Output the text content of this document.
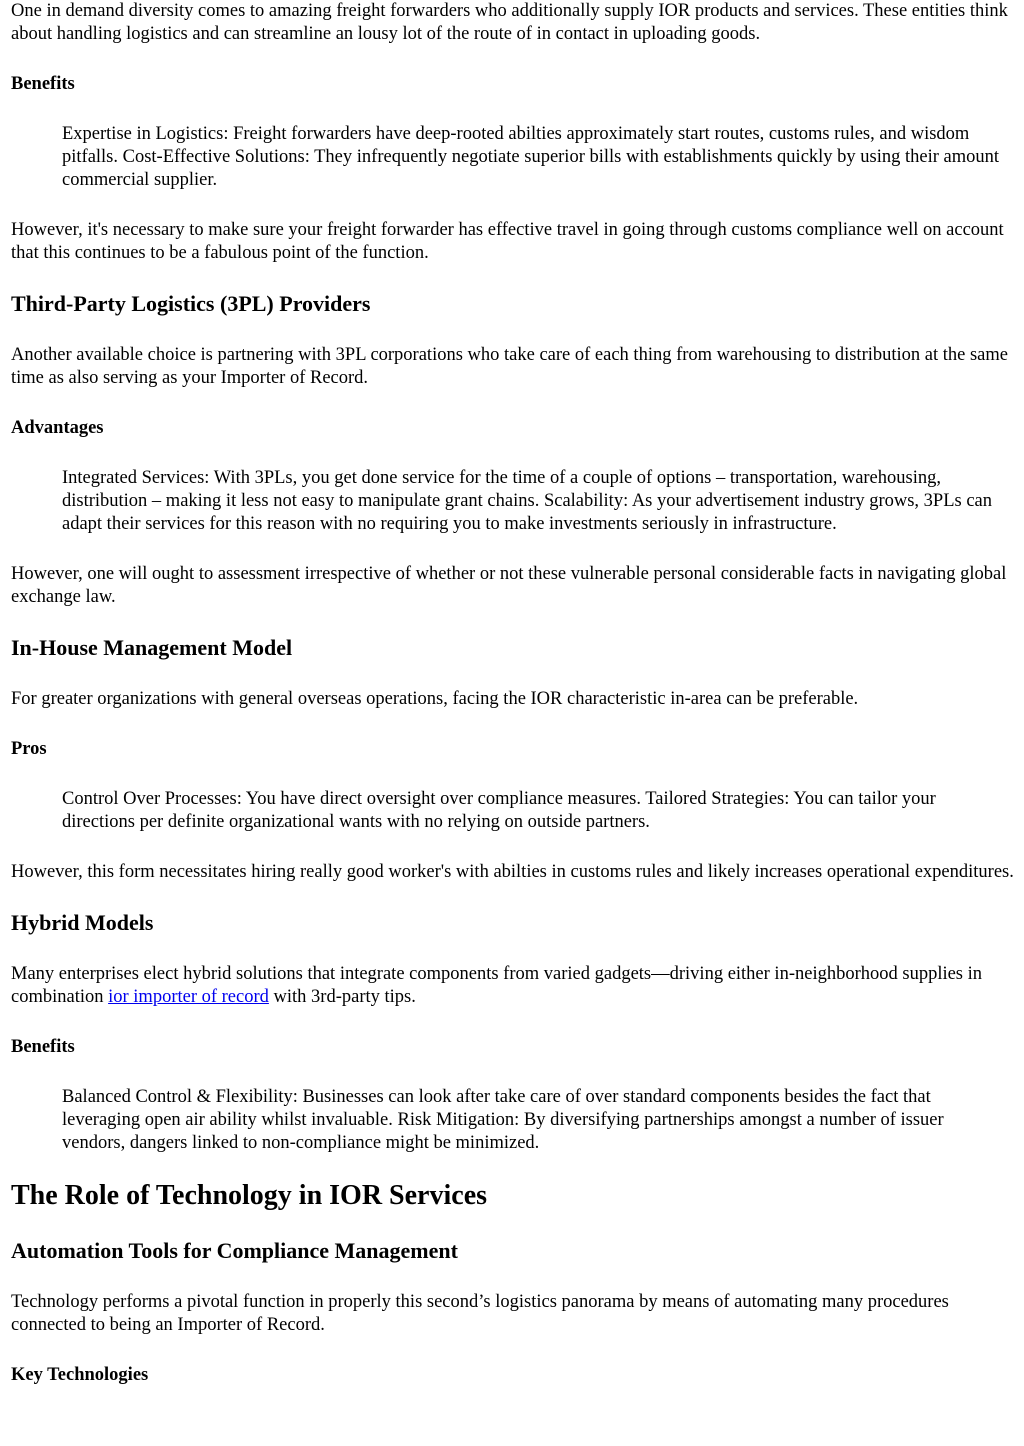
One in demand diversity comes to amazing freight forwarders who additionally supply IOR products and services. These entities think about handling logistics and can streamline an lousy lot of the route of in contact in uploading goods.

Benefits
Expertise in Logistics: Freight forwarders have deep-rooted abilties approximately start routes, customs rules, and wisdom pitfalls. Cost-Effective Solutions: They infrequently negotiate superior bills with establishments quickly by using their amount commercial supplier.

However, it's necessary to make sure your freight forwarder has effective travel in going through customs compliance well on account that this continues to be a fabulous point of the function.

Third-Party Logistics (3PL) Providers

Another available choice is partnering with 3PL corporations who take care of each thing from warehousing to distribution at the same time as also serving as your Importer of Record.

Advantages
Integrated Services: With 3PLs, you get done service for the time of a couple of options – transportation, warehousing, distribution – making it less not easy to manipulate grant chains. Scalability: As your advertisement industry grows, 3PLs can adapt their services for this reason with no requiring you to make investments seriously in infrastructure.

However, one will ought to assessment irrespective of whether or not these vulnerable personal considerable facts in navigating global exchange law.

In-House Management Model

For greater organizations with general overseas operations, facing the IOR characteristic in-area can be preferable.

Pros
Control Over Processes: You have direct oversight over compliance measures. Tailored Strategies: You can tailor your directions per definite organizational wants with no relying on outside partners.

However, this form necessitates hiring really good worker's with abilties in customs rules and likely increases operational expenditures.

Hybrid Models

Many enterprises elect hybrid solutions that integrate components from varied gadgets—driving either in-neighborhood supplies in combination ior importer of record with 3rd-party tips.

Benefits
Balanced Control & Flexibility: Businesses can look after take care of over standard components besides the fact that leveraging open air ability whilst invaluable. Risk Mitigation: By diversifying partnerships amongst a number of issuer vendors, dangers linked to non-compliance might be minimized.
The Role of Technology in IOR Services
Automation Tools for Compliance Management

Technology performs a pivotal function in properly this second’s logistics panorama by means of automating many procedures connected to being an Importer of Record.

Key Technologies
